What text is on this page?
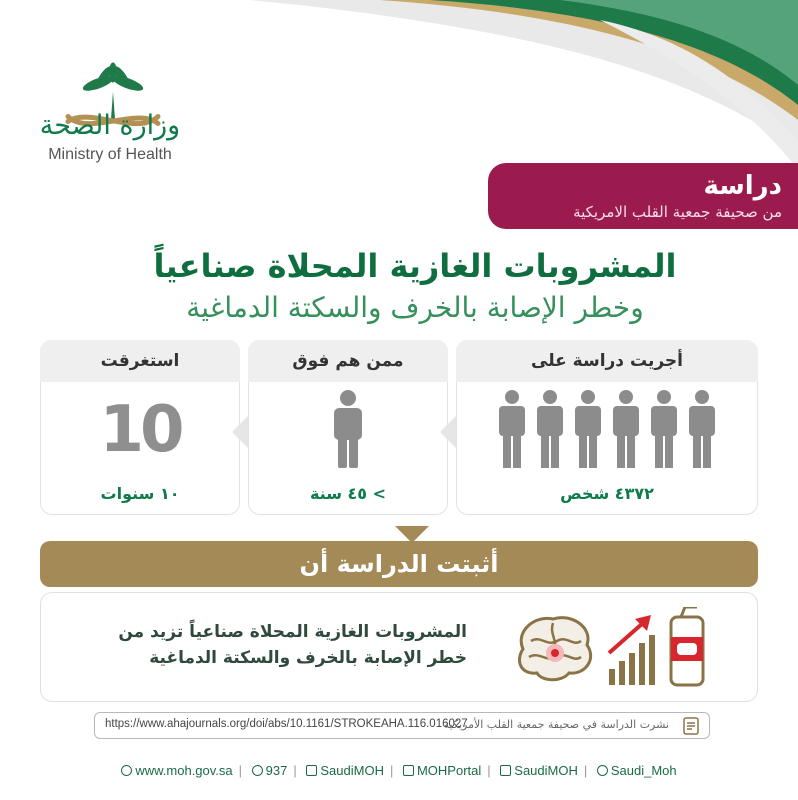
وزارة الصحة
Ministry of Health
دراسة
من صحيفة جمعية القلب الامريكية
المشروبات الغازية المحلاة صناعياً
وخطر الإصابة بالخرف والسكتة الدماغية
استغرقت
10
١٠ سنوات
ممن هم فوق
> ٤٥ سنة
أجريت دراسة على
٤٣٧٢ شخص
أثبتت الدراسة أن
المشروبات الغازية المحلاة صناعياً تزيد من
خطر الإصابة بالخرف والسكتة الدماغية
https://www.ahajournals.org/doi/abs/10.1161/STROKEAHA.116.016027
نشرت الدراسة في صحيفة جمعية القلب الأمريكية
www.moh.gov.sa | 937 | SaudiMOH | MOHPortal | SaudiMOH | Saudi_Moh
